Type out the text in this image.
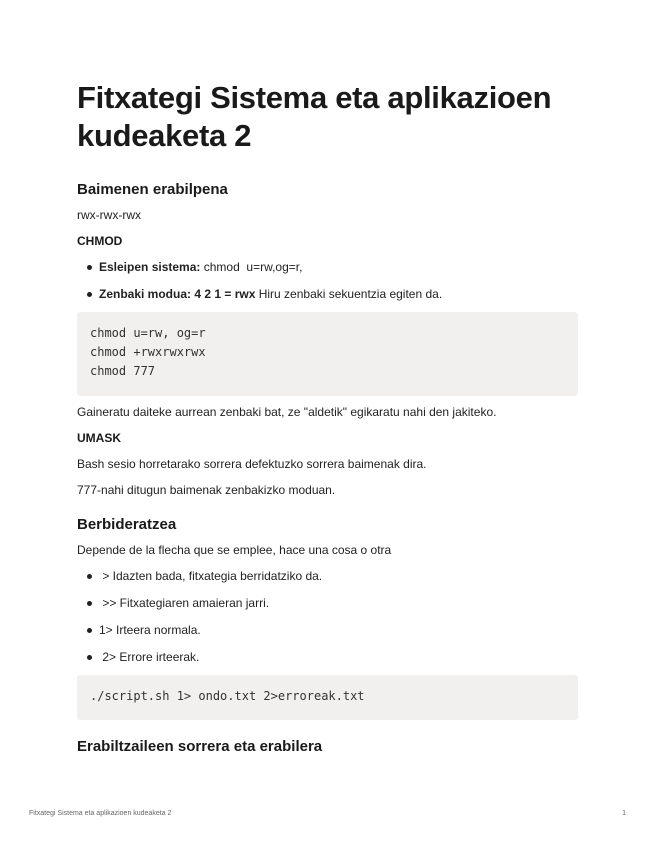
Fitxategi Sistema eta aplikazioen kudeaketa 2
Baimenen erabilpena

rwx-rwx-rwx

CHMOD
Esleipen sistema: chmod  u=rw,og=r,
Zenbaki modua: 4 2 1 = rwx Hiru zenbaki sekuentzia egiten da.
chmod u=rw, og=r
chmod +rwxrwxrwx
chmod 777

Gaineratu daiteke aurrean zenbaki bat, ze "aldetik" egikaratu nahi den jakiteko.

UMASK

Bash sesio horretarako sorrera defektuzko sorrera baimenak dira.

777-nahi ditugun baimenak zenbakizko moduan.

Berbideratzea

Depende de la flecha que se emplee, hace una cosa o otra

> Idazten bada, fitxategia berridatziko da.
>> Fitxategiaren amaieran jarri.
1> Irteera normala.
2> Errore irteerak.
./script.sh 1> ondo.txt 2>erroreak.txt
Erabiltzaileen sorrera eta erabilera
Fitxategi Sistema eta aplikazioen kudeaketa 2	1
